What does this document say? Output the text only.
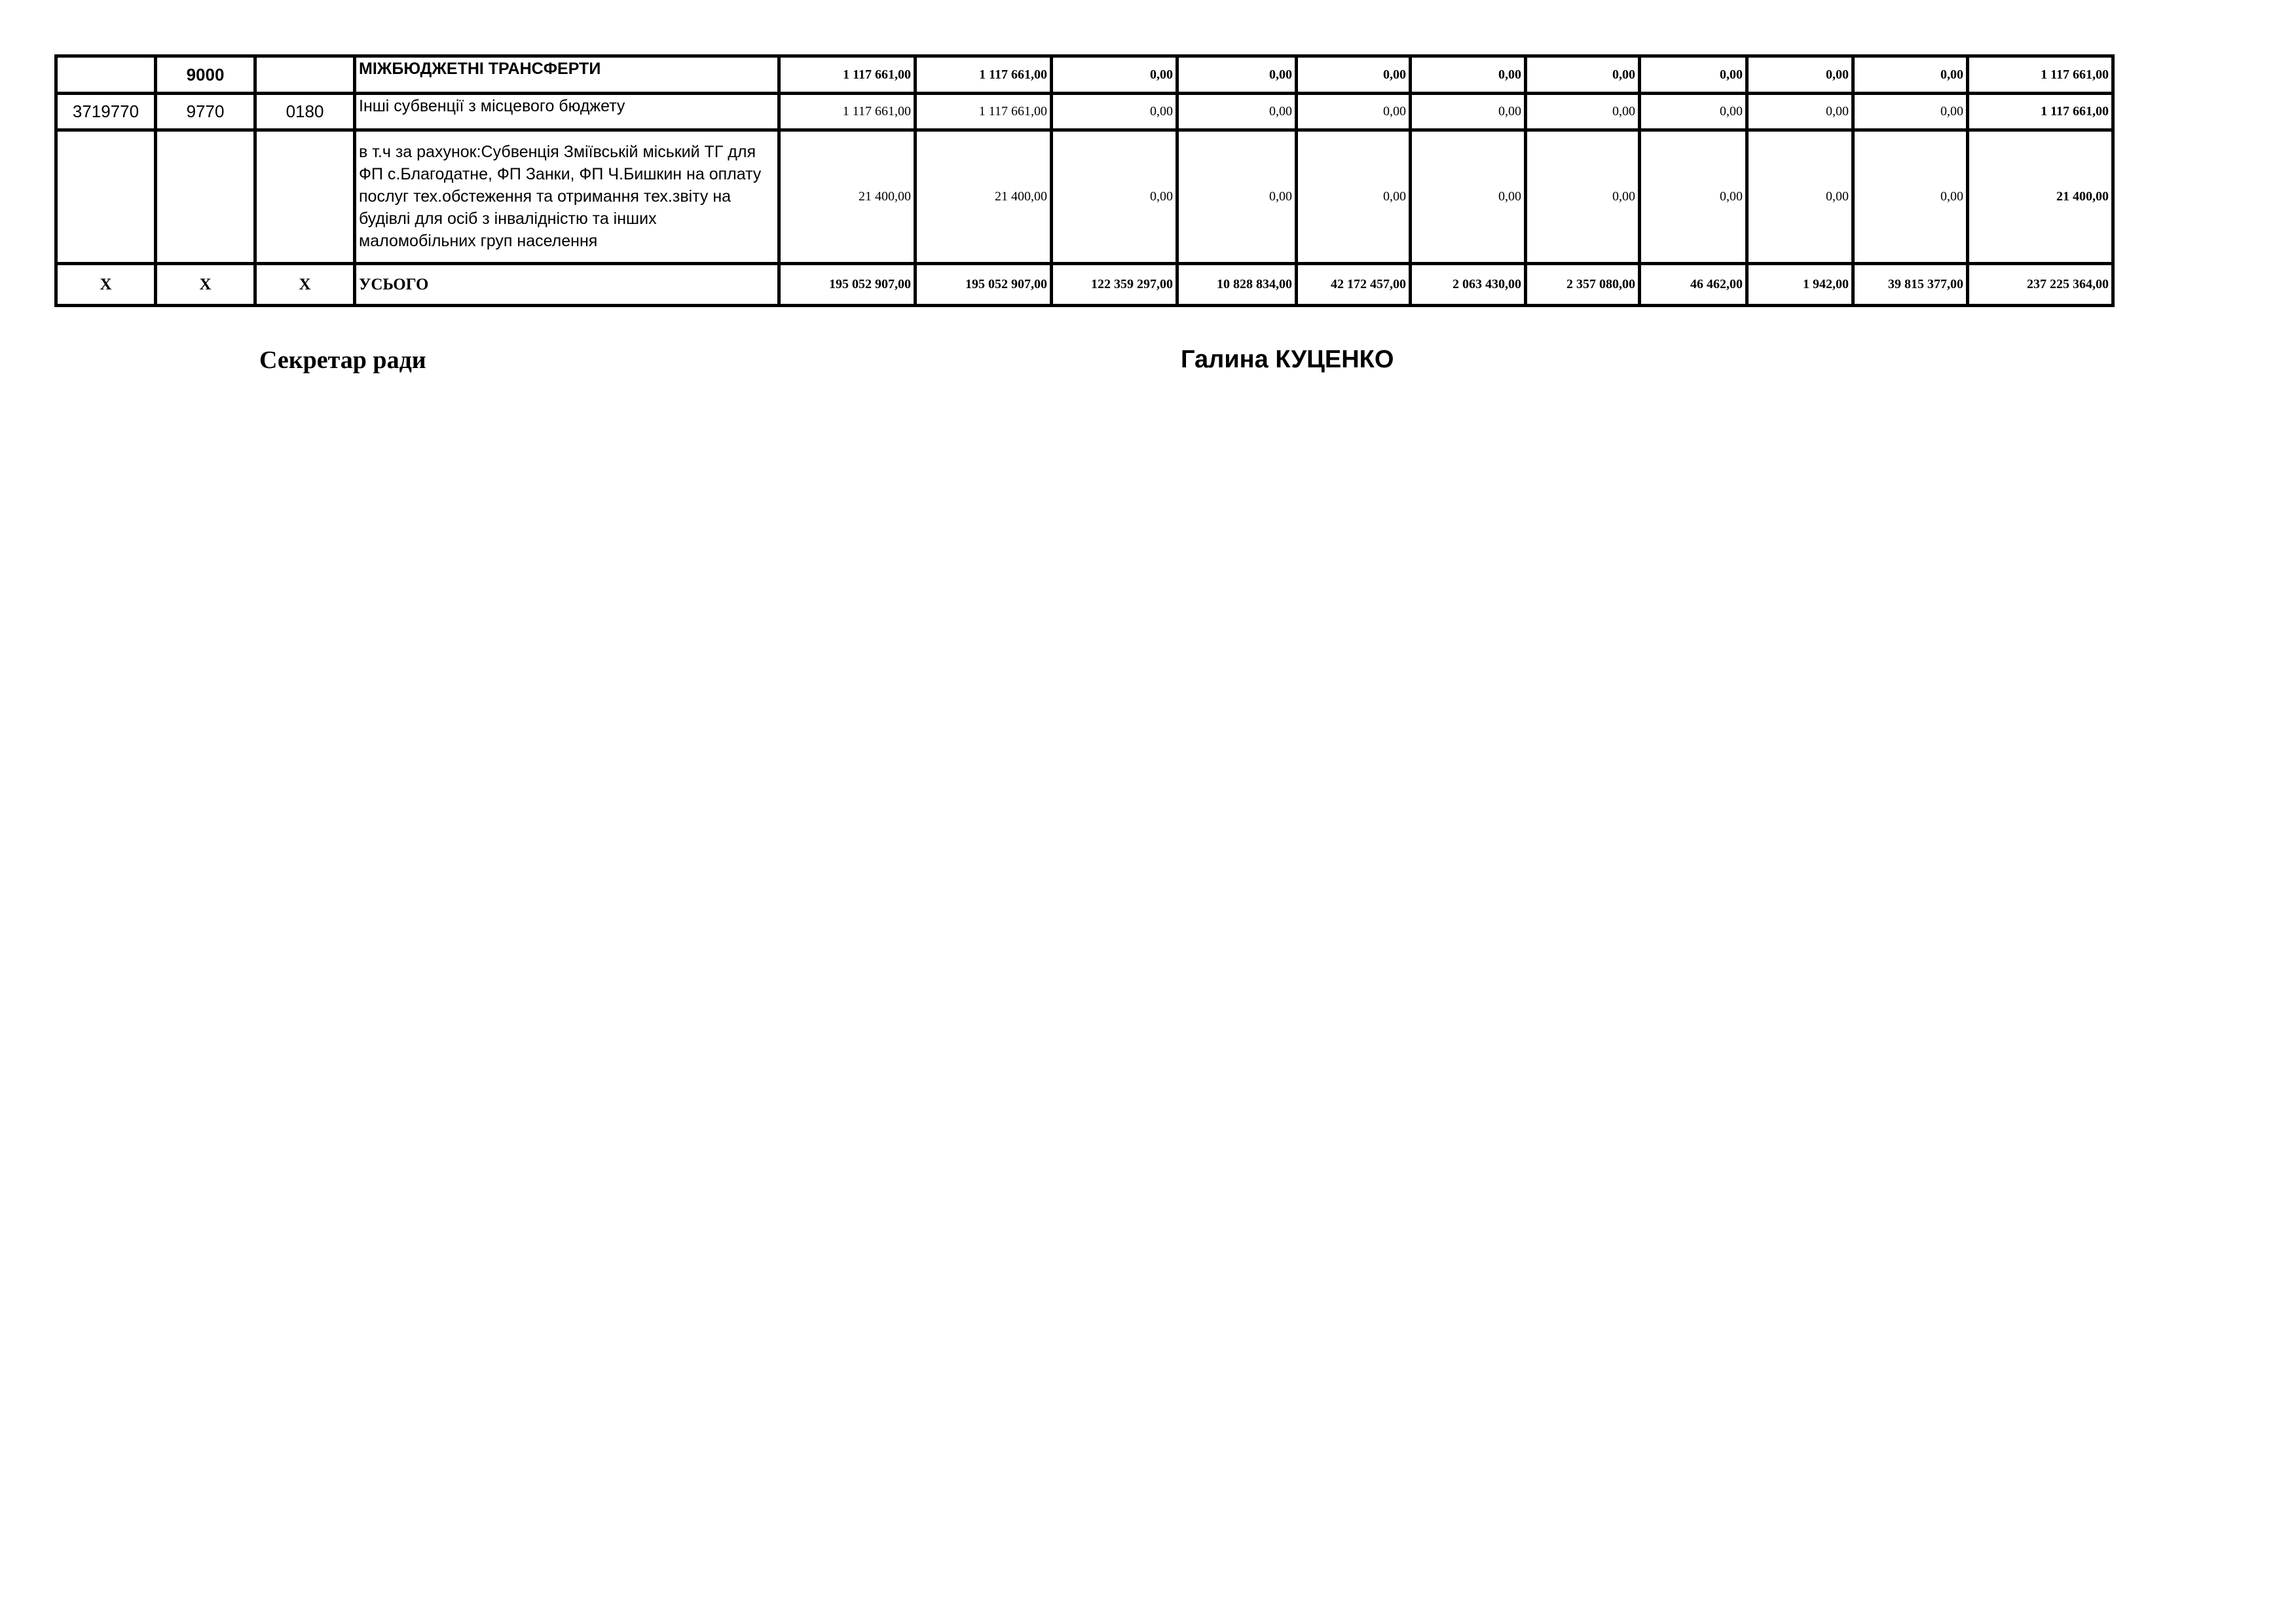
	9000		МІЖБЮДЖЕТНІ ТРАНСФЕРТИ	1 117 661,00	1 117 661,00	0,00	0,00	0,00	0,00	0,00	0,00	0,00	0,00	1 117 661,00
3719770	9770	0180	Інші субвенції з місцевого бюджету	1 117 661,00	1 117 661,00	0,00	0,00	0,00	0,00	0,00	0,00	0,00	0,00	1 117 661,00
			в т.ч за рахунок:Субвенція Зміївській міський ТГ для ФП с.Благодатне, ФП Занки, ФП Ч.Бишкин на оплату послуг тех.обстеження та отримання тех.звіту на будівлі для осіб з інвалідністю та інших маломобільних груп населення	21 400,00	21 400,00	0,00	0,00	0,00	0,00	0,00	0,00	0,00	0,00	21 400,00
Х	Х	Х	УСЬОГО	195 052 907,00	195 052 907,00	122 359 297,00	10 828 834,00	42 172 457,00	2 063 430,00	2 357 080,00	46 462,00	1 942,00	39 815 377,00	237 225 364,00
Секретар ради	Галина КУЦЕНКО
